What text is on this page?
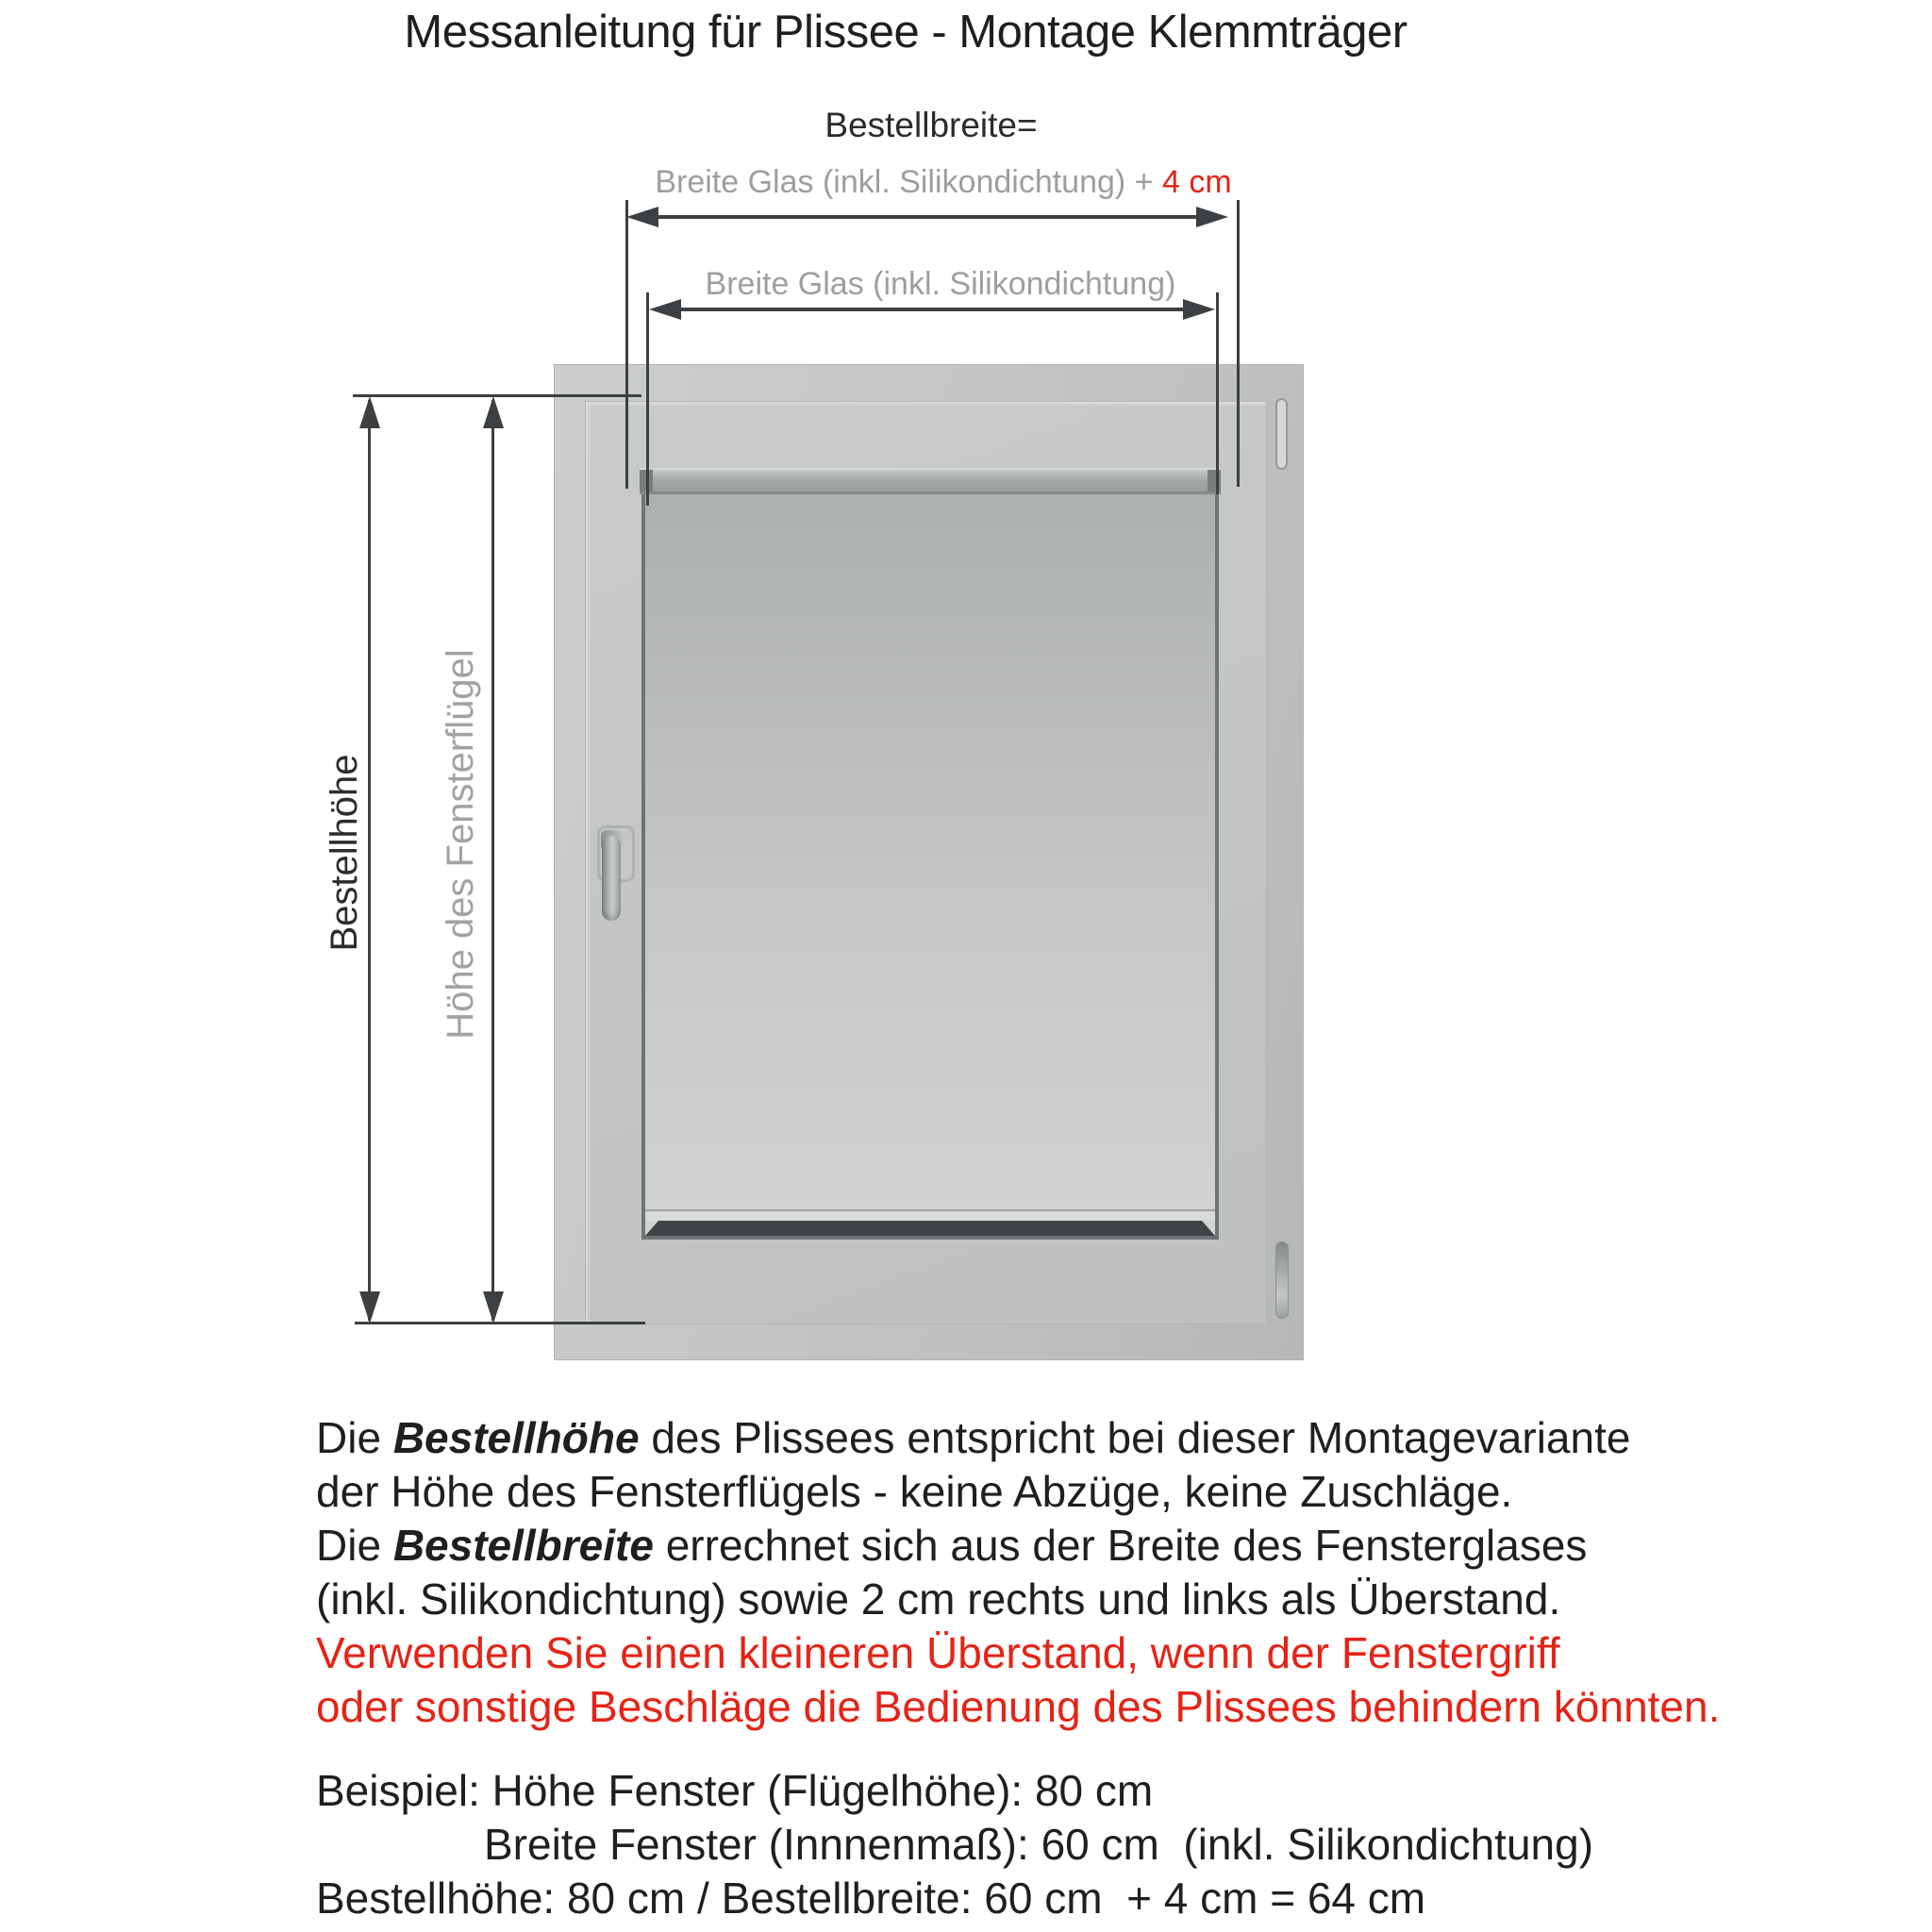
Messanleitung für Plissee - Montage Klemmträger
Bestellbreite=
Breite Glas (inkl. Silikondichtung) + 4 cm
Breite Glas (inkl. Silikondichtung)
Bestellhöhe Höhe des Fensterflügel
Die Bestellhöhe des Plissees entspricht bei dieser Montagevariante
der Höhe des Fensterflügels - keine Abzüge, keine Zuschläge.
Die Bestellbreite errechnet sich aus der Breite des Fensterglases
(inkl. Silikondichtung) sowie 2 cm rechts und links als Überstand.
Verwenden Sie einen kleineren Überstand, wenn der Fenstergriff
oder sonstige Beschläge die Bedienung des Plissees behindern könnten.
Beispiel: Höhe Fenster (Flügelhöhe): 80 cm
Breite Fenster (Innnenmaß): 60 cm  (inkl. Silikondichtung)
Bestellhöhe: 80 cm / Bestellbreite: 60 cm  + 4 cm = 64 cm
